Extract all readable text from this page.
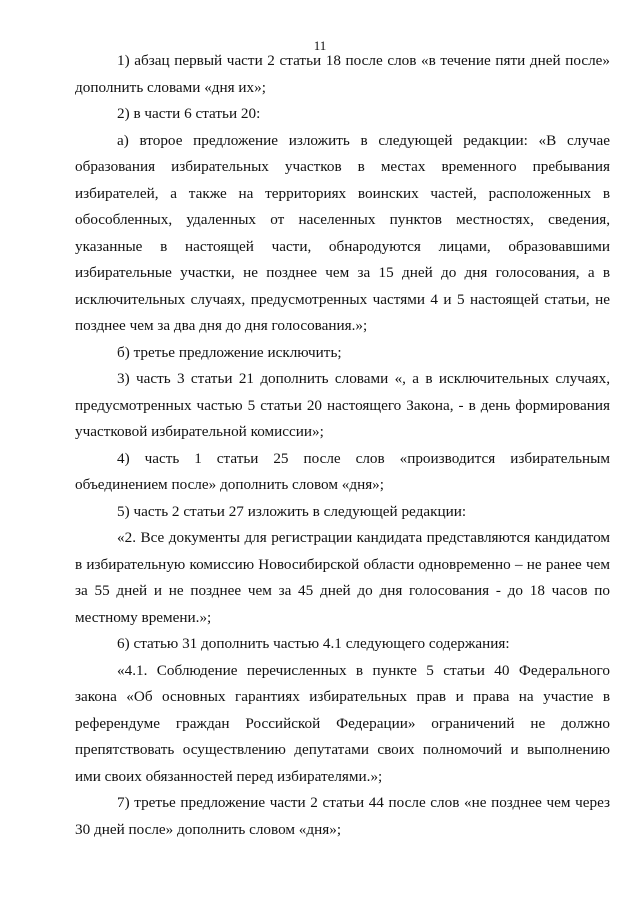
11

1) абзац первый части 2 статьи 18 после слов «в течение пяти дней после» дополнить словами «дня их»;

2) в части 6 статьи 20:

а) второе предложение изложить в следующей редакции: «В случае образования избирательных участков в местах временного пребывания избирателей, а также на территориях воинских частей, расположенных в обособленных, удаленных от населенных пунктов местностях, сведения, указанные в настоящей части, обнародуются лицами, образовавшими избирательные участки, не позднее чем за 15 дней до дня голосования, а в исключительных случаях, предусмотренных частями 4 и 5 настоящей статьи, не позднее чем за два дня до дня голосования.»;

б) третье предложение исключить;

3) часть 3 статьи 21 дополнить словами «, а в исключительных случаях, предусмотренных частью 5 статьи 20 настоящего Закона, - в день формирования участковой избирательной комиссии»;

4) часть 1 статьи 25 после слов «производится избирательным объединением после» дополнить словом «дня»;

5) часть 2 статьи 27 изложить в следующей редакции:

«2. Все документы для регистрации кандидата представляются кандидатом в избирательную комиссию Новосибирской области одновременно – не ранее чем за 55 дней и не позднее чем за 45 дней до дня голосования - до 18 часов по местному времени.»;

6) статью 31 дополнить частью 4.1 следующего содержания:

«4.1. Соблюдение перечисленных в пункте 5 статьи 40 Федерального закона «Об основных гарантиях избирательных прав и права на участие в референдуме граждан Российской Федерации» ограничений не должно препятствовать осуществлению депутатами своих полномочий и выполнению ими своих обязанностей перед избирателями.»;

7) третье предложение части 2 статьи 44 после слов «не позднее чем через 30 дней после» дополнить словом «дня»;
